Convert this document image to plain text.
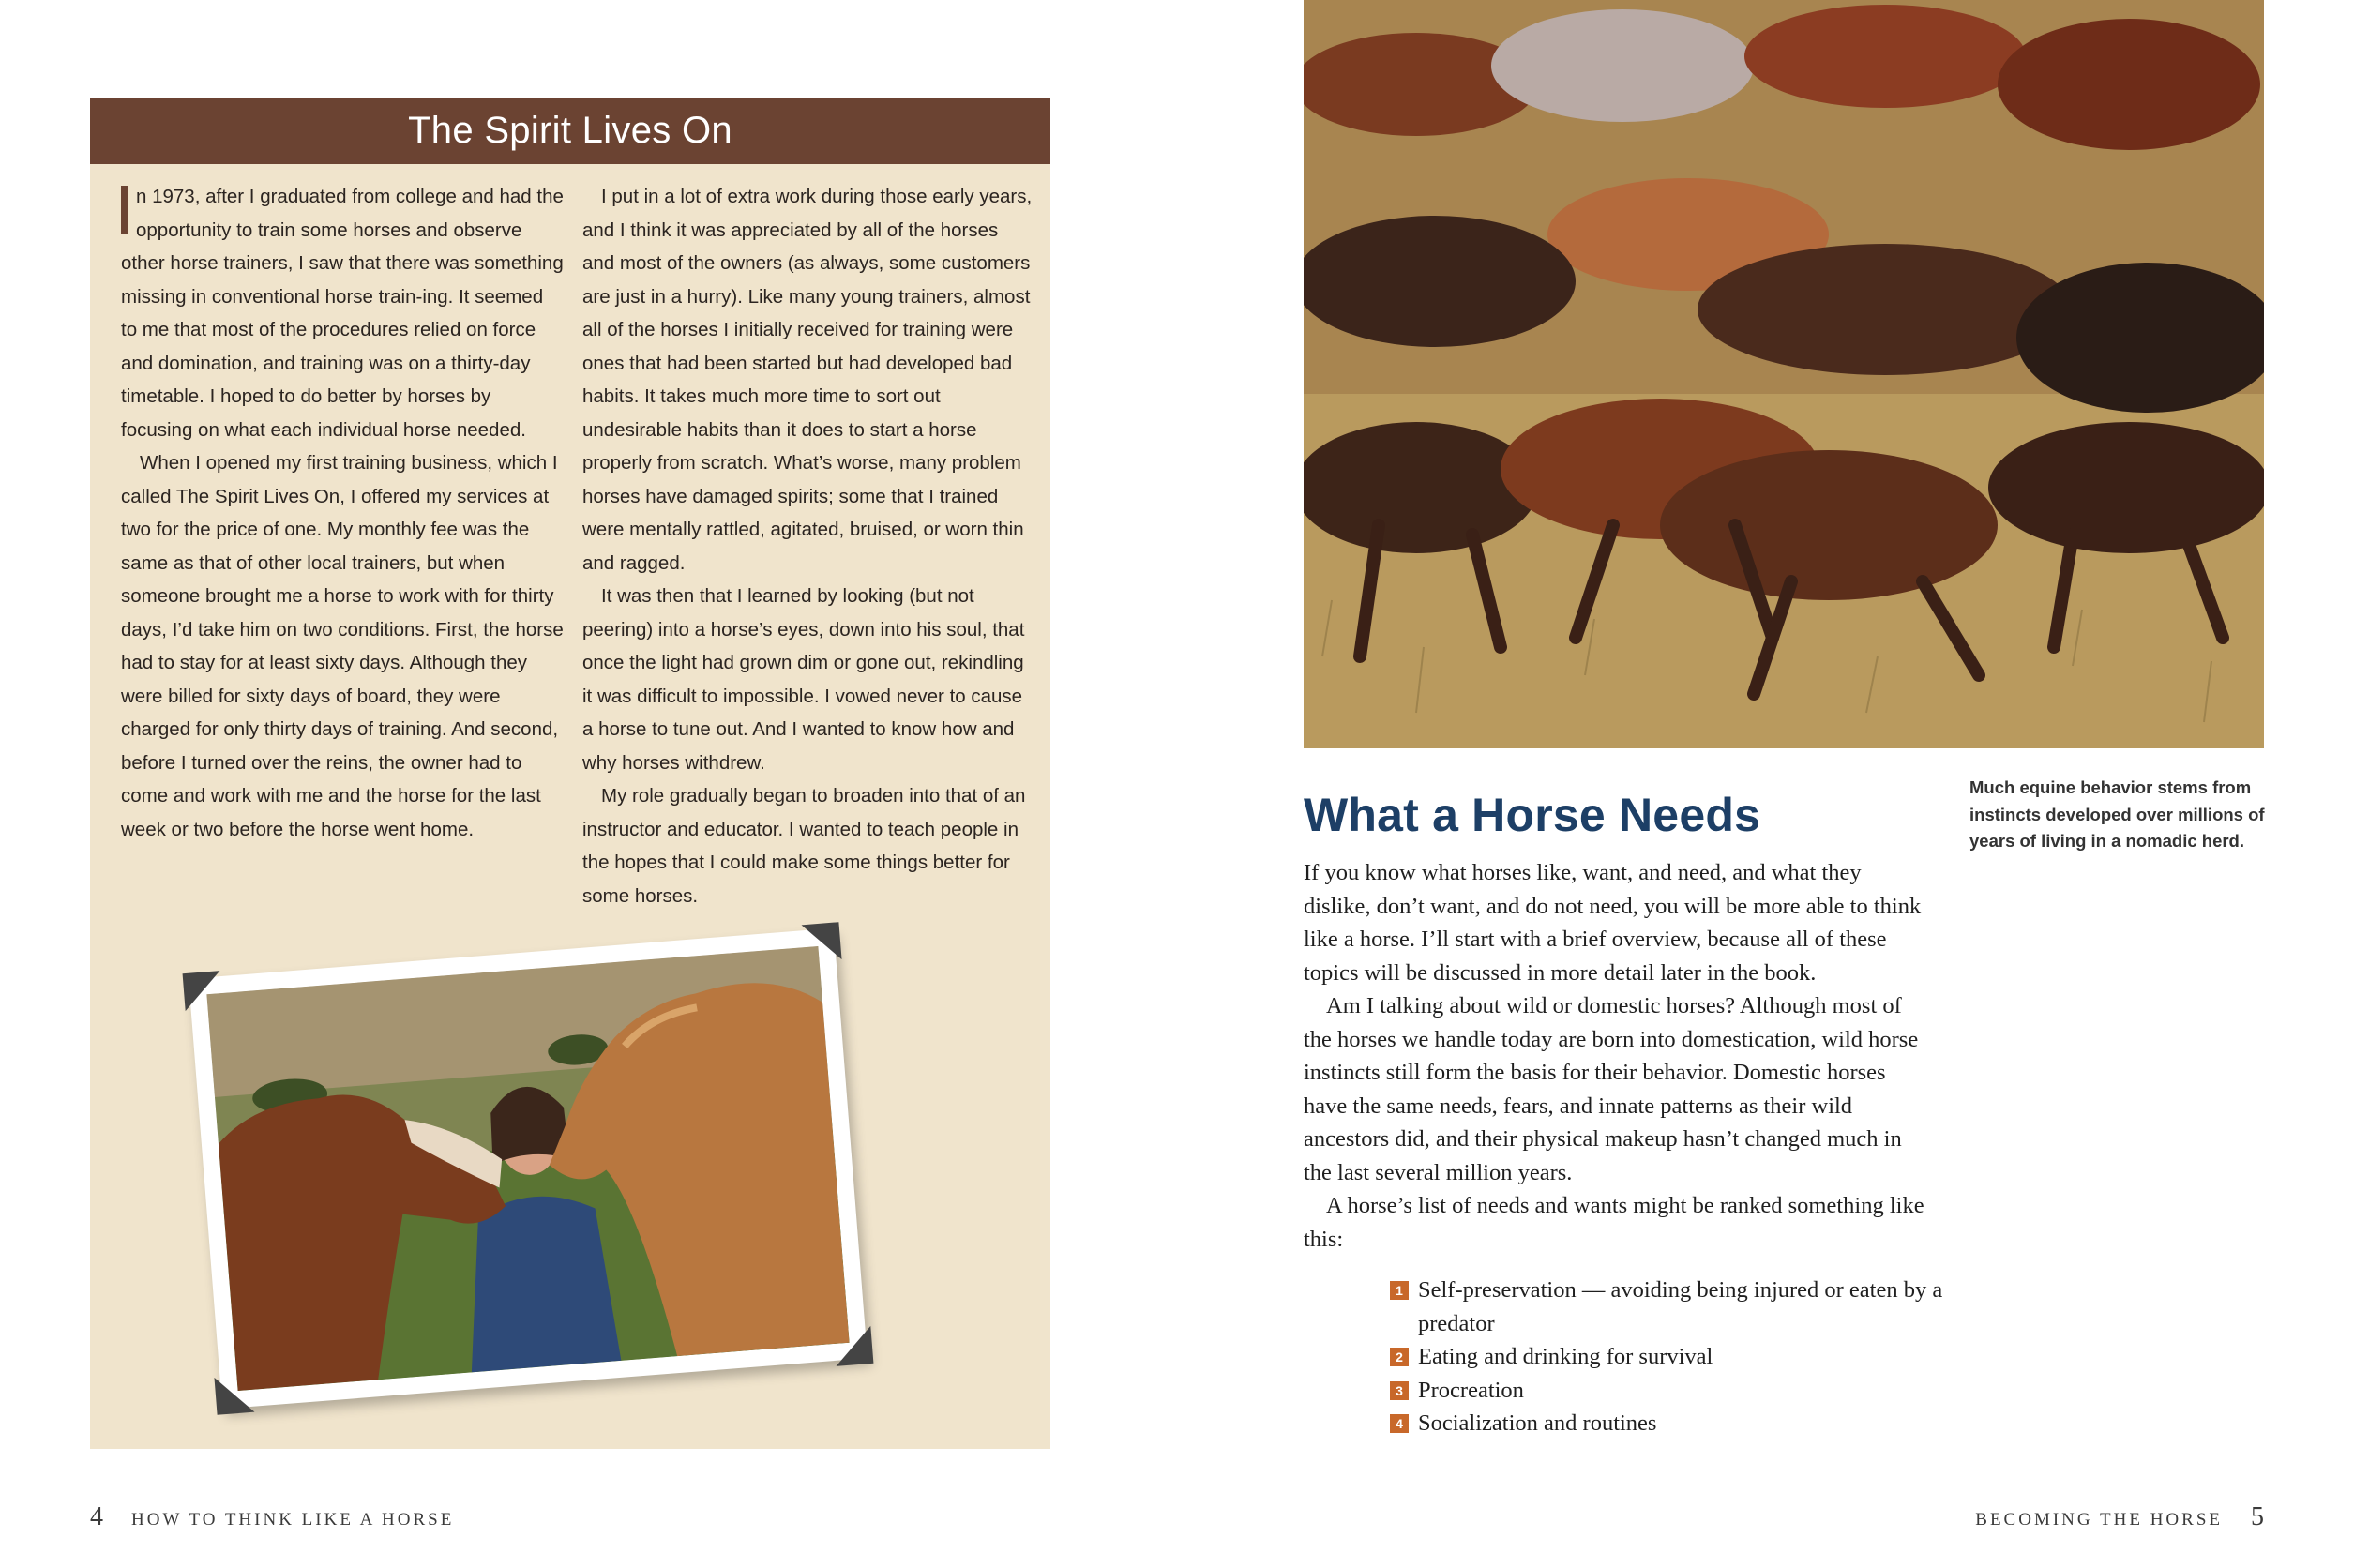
The Spirit Lives On

n 1973, after I graduated from college and had the opportunity to train some horses and observe other horse trainers, I saw that there was something missing in conventional horse train-ing. It seemed to me that most of the procedures relied on force and domination, and training was on a thirty-day timetable. I hoped to do better by horses by focusing on what each individual horse needed.

When I opened my first training business, which I called The Spirit Lives On, I offered my services at two for the price of one. My monthly fee was the same as that of other local trainers, but when someone brought me a horse to work with for thirty days, I’d take him on two conditions. First, the horse had to stay for at least sixty days. Although they were billed for sixty days of board, they were charged for only thirty days of training. And second, before I turned over the reins, the owner had to come and work with me and the horse for the last week or two before the horse went home.

I put in a lot of extra work during those early years, and I think it was appreciated by all of the horses and most of the owners (as always, some customers are just in a hurry). Like many young trainers, almost all of the horses I initially received for training were ones that had been started but had developed bad habits. It takes much more time to sort out undesirable habits than it does to start a horse properly from scratch. What’s worse, many problem horses have damaged spirits; some that I trained were mentally rattled, agitated, bruised, or worn thin and ragged.

It was then that I learned by looking (but not peering) into a horse’s eyes, down into his soul, that once the light had grown dim or gone out, rekindling it was difficult to impossible. I vowed never to cause a horse to tune out. And I wanted to know how and why horses withdrew.

My role gradually began to broaden into that of an instructor and educator. I wanted to teach people in the hopes that I could make some things better for some horses.

4 HOW TO THINK LIKE A HORSE

Much equine behavior stems from instincts developed over millions of years of living in a nomadic herd.

What a Horse Needs

If you know what horses like, want, and need, and what they dislike, don’t want, and do not need, you will be more able to think like a horse. I’ll start with a brief overview, because all of these topics will be discussed in more detail later in the book.

Am I talking about wild or domestic horses? Although most of the horses we handle today are born into domestication, wild horse instincts still form the basis for their behavior. Domestic horses have the same needs, fears, and innate patterns as their wild ancestors did, and their physical makeup hasn’t changed much in the last several million years.

A horse’s list of needs and wants might be ranked something like this:

1 Self-preservation — avoiding being injured or eaten by a predator
2 Eating and drinking for survival
3 Procreation
4 Socialization and routines
BECOMING THE HORSE 5
